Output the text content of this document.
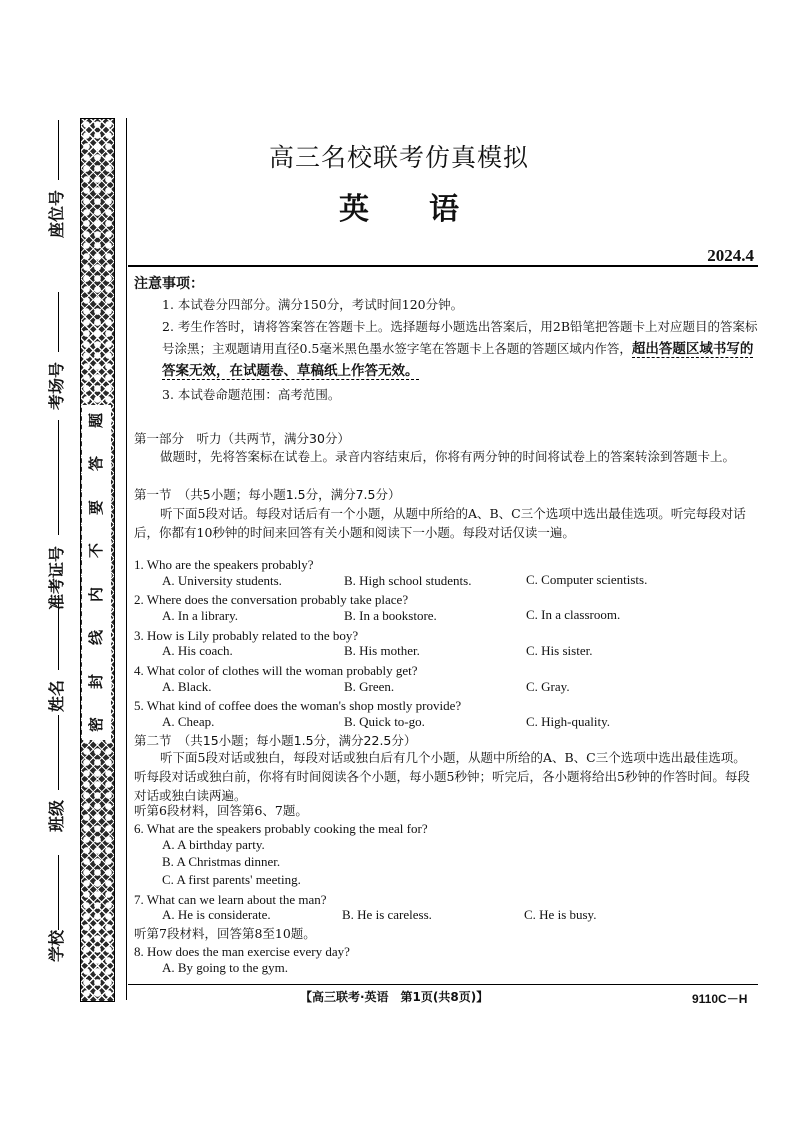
学校
班级
姓名
准考证号
考场号
座位号
题
答
要
不
内
线
封
密
高三名校联考仿真模拟
英 语
2024.4
注意事项：
1. 本试卷分四部分。满分150分，考试时间120分钟。
2. 考生作答时，请将答案答在答题卡上。选择题每小题选出答案后，用2B铅笔把答题卡上对应题目的答案标号涂黑；主观题请用直径0.5毫米黑色墨水签字笔在答题卡上各题的答题区域内作答，超出答题区域书写的答案无效，在试题卷、草稿纸上作答无效。
3. 本试卷命题范围：高考范围。
第一部分　听力（共两节，满分30分）
做题时，先将答案标在试卷上。录音内容结束后，你将有两分钟的时间将试卷上的答案转涂到答题卡上。
第一节　（共5小题；每小题1.5分，满分7.5分）
听下面5段对话。每段对话后有一个小题，从题中所给的A、B、C三个选项中选出最佳选项。听完每段对话后，你都有10秒钟的时间来回答有关小题和阅读下一小题。每段对话仅读一遍。
1. Who are the speakers probably?
A. University students.	B. High school students.	C. Computer scientists.
2. Where does the conversation probably take place?
A. In a library.	B. In a bookstore.	C. In a classroom.
3. How is Lily probably related to the boy?
A. His coach.	B. His mother.	C. His sister.
4. What color of clothes will the woman probably get?
A. Black.	B. Green.	C. Gray.
5. What kind of coffee does the woman's shop mostly provide?
A. Cheap.	B. Quick to-go.	C. High-quality.
第二节　（共15小题；每小题1.5分，满分22.5分）
听下面5段对话或独白，每段对话或独白后有几个小题，从题中所给的A、B、C三个选项中选出最佳选项。听每段对话或独白前，你将有时间阅读各个小题，每小题5秒钟；听完后，各小题将给出5秒钟的作答时间。每段对话或独白读两遍。
听第6段材料，回答第6、7题。
6. What are the speakers probably cooking the meal for?
A. A birthday party.
B. A Christmas dinner.
C. A first parents' meeting.
7. What can we learn about the man?
A. He is considerate.	B. He is careless.	C. He is busy.
听第7段材料，回答第8至10题。
8. How does the man exercise every day?
A. By going to the gym.
【高三联考·英语　第1页(共8页)】	9110C－H
